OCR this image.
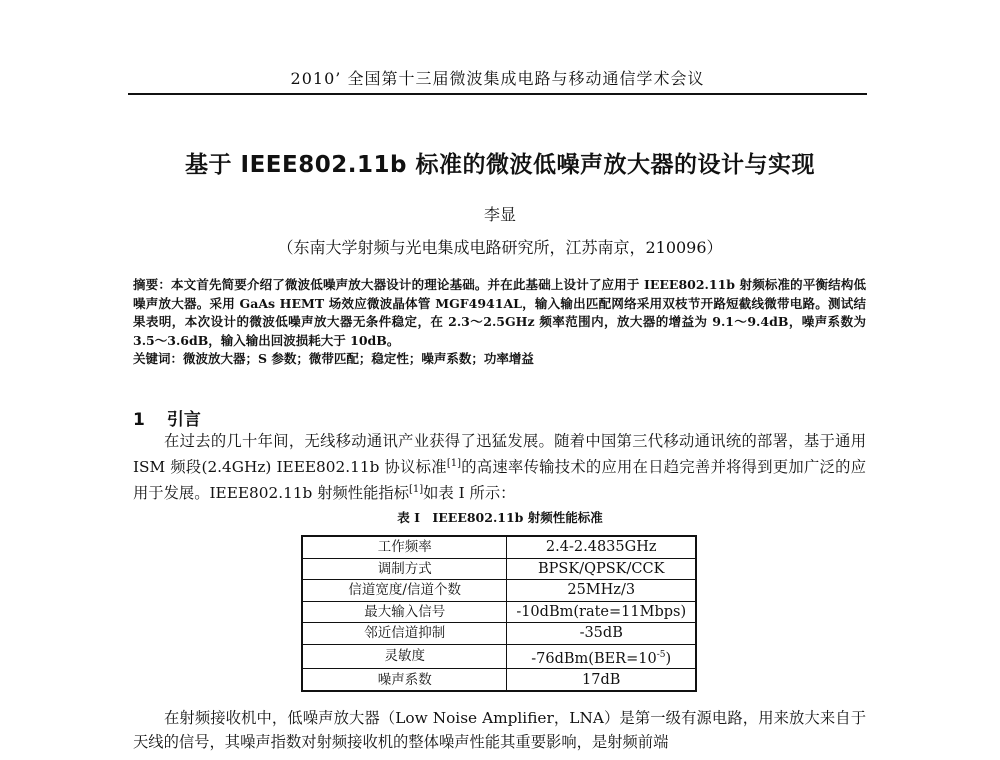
2010’ 全国第十三届微波集成电路与移动通信学术会议
基于 IEEE802.11b 标准的微波低噪声放大器的设计与实现
李显
（东南大学射频与光电集成电路研究所，江苏南京，210096）

摘要：本文首先简要介绍了微波低噪声放大器设计的理论基础。并在此基础上设计了应用于 IEEE802.11b 射频标准的平衡结构低噪声放大器。采用 GaAs HEMT 场效应微波晶体管 MGF4941AL，输入输出匹配网络采用双枝节开路短截线微带电路。测试结果表明，本次设计的微波低噪声放大器无条件稳定，在 2.3～2.5GHz 频率范围内，放大器的增益为 9.1～9.4dB，噪声系数为 3.5～3.6dB，输入输出回波损耗大于 10dB。

关键词：微波放大器；S 参数；微带匹配；稳定性；噪声系数；功率增益

1 引言
在过去的几十年间，无线移动通讯产业获得了迅猛发展。随着中国第三代移动通讯统的部署，基于通用 ISM 频段(2.4GHz) IEEE802.11b 协议标准[1]的高速率传输技术的应用在日趋完善并将得到更加广泛的应用于发展。IEEE802.11b 射频性能指标[1]如表 I 所示：
表 I　IEEE802.11b 射频性能标准
工作频率	2.4-2.4835GHz
调制方式	BPSK/QPSK/CCK
信道宽度/信道个数	25MHz/3
最大输入信号	-10dBm(rate=11Mbps)
邻近信道抑制	-35dB
灵敏度	$-76dBm(BER=10^{-5})$
噪声系数	17dB
在射频接收机中，低噪声放大器（Low Noise Amplifier，LNA）是第一级有源电路，用来放大来自于天线的信号，其噪声指数对射频接收机的整体噪声性能其重要影响，是射频前端
